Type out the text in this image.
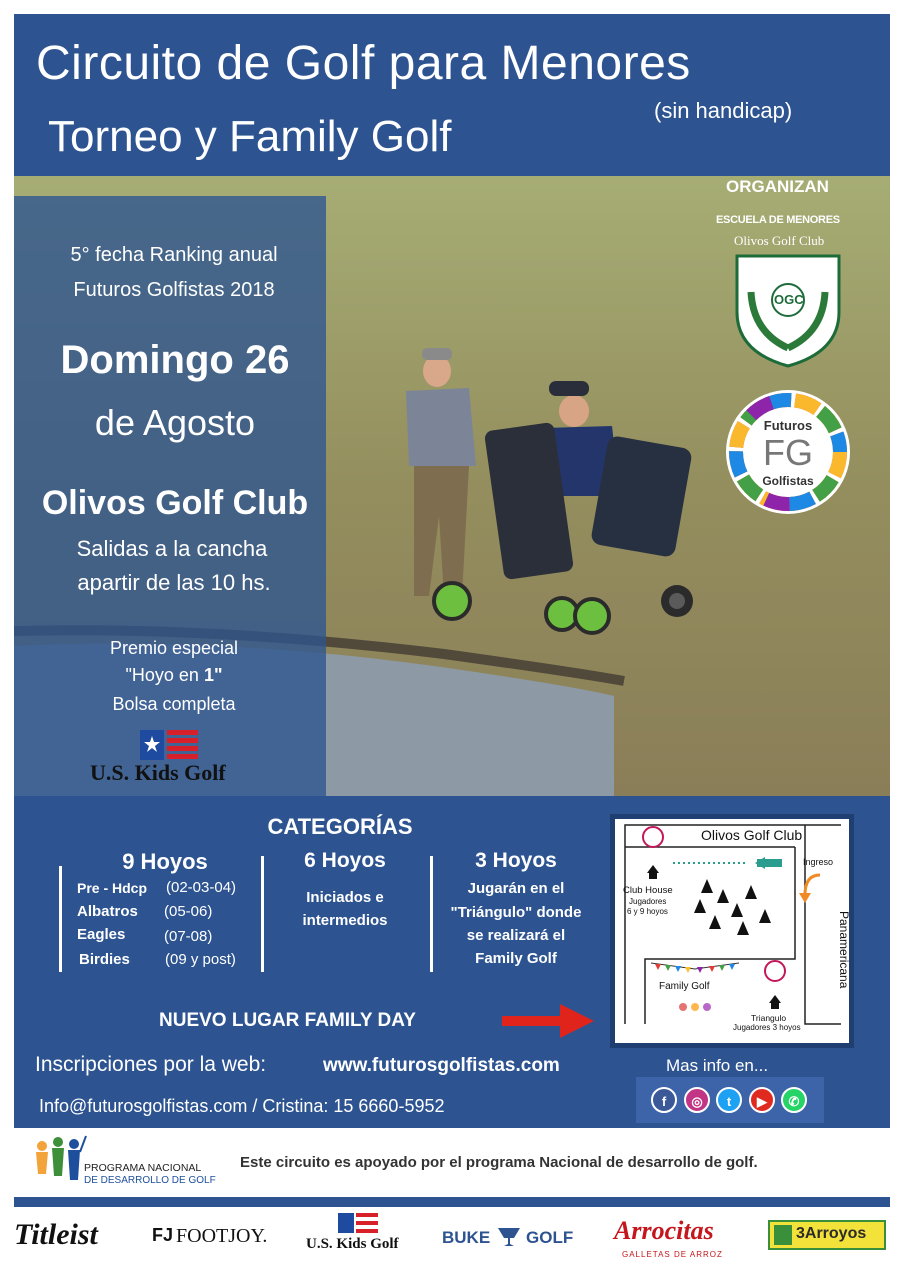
Circuito de Golf para Menores
(sin handicap)
Torneo y Family Golf
5° fecha Ranking anual
Futuros Golfistas 2018
Domingo 26
de Agosto
Olivos Golf Club
Salidas a la cancha
apartir de las 10 hs.
Premio especial
"Hoyo en 1"
Bolsa completa
U.S. Kids Golf
ORGANIZAN
ESCUELA DE MENORES
Olivos Golf Club
OGC
Futuros
FG
Golfistas
CATEGORÍAS
9 Hoyos
Pre - Hdcp (02-03-04)
Albatros (05-06)
Eagles	(07-08)
Birdies (09 y post)
6 Hoyos
Iniciados e
intermedios
3 Hoyos
Jugarán en el
"Triángulo" donde
se realizará el
Family Golf
NUEVO LUGAR FAMILY DAY
Olivos Golf Club
Ingreso
Club House
Jugadores
6 y 9 hoyos
Family Golf
Triangulo
Jugadores 3 hoyos
Panamericana
Inscripciones por la web:	www.futurosgolfistas.com
Info@futurosgolfistas.com / Cristina: 15 6660-5952
Mas info en...
f	◎	t	▶	✆
PROGRAMA NACIONAL
DE DESARROLLO DE GOLF
Este circuito es apoyado por el programa Nacional de desarrollo de golf.
Titleist	FJ FOOTJOY.	U.S. Kids Golf	BUKE GOLF Arrocitas
GALLETAS DE ARROZ
3Arroyos
